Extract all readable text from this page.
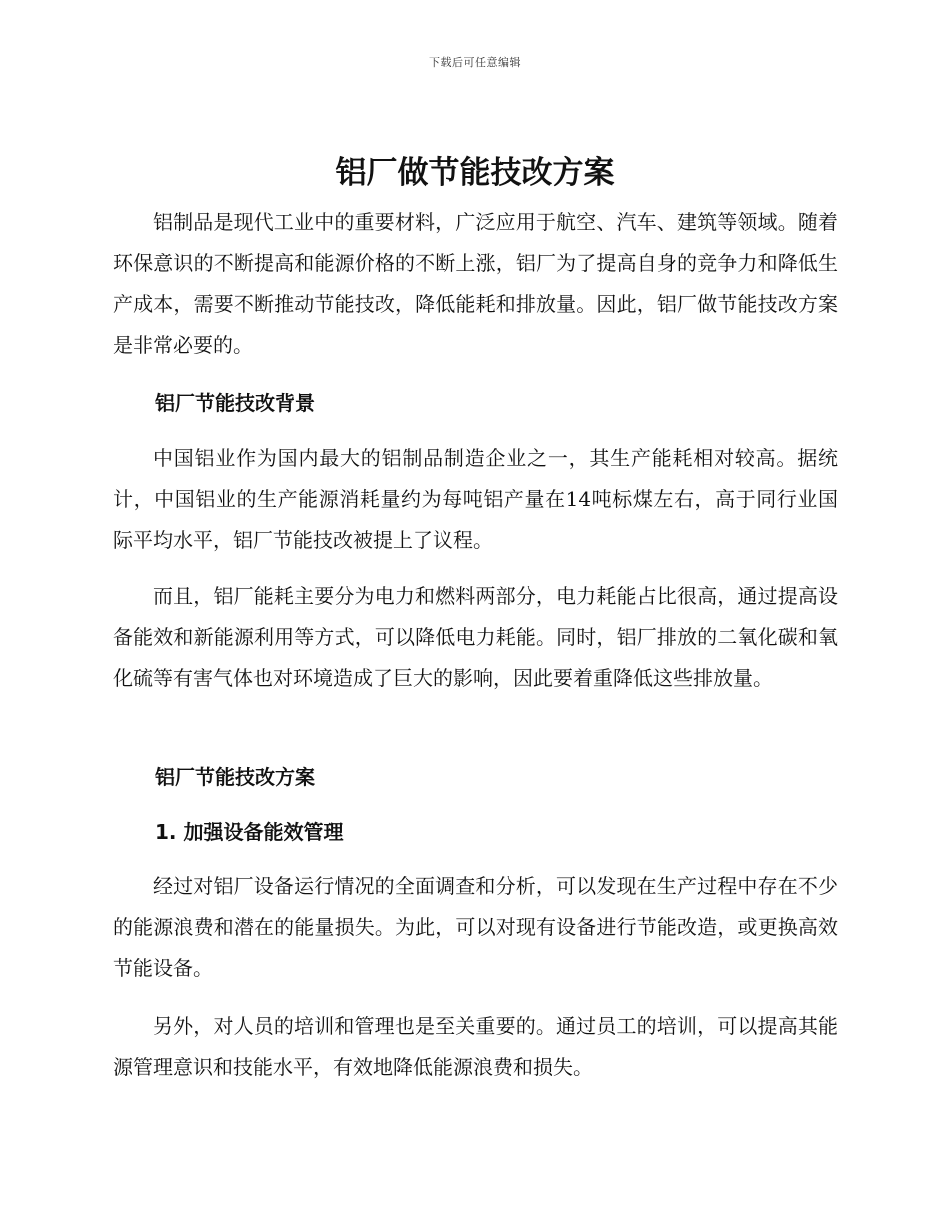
下载后可任意编辑
铝厂做节能技改方案

铝制品是现代工业中的重要材料，广泛应用于航空、汽车、建筑等领域。随着环保意识的不断提高和能源价格的不断上涨，铝厂为了提高自身的竞争力和降低生产成本，需要不断推动节能技改，降低能耗和排放量。因此，铝厂做节能技改方案是非常必要的。

铝厂节能技改背景

中国铝业作为国内最大的铝制品制造企业之一，其生产能耗相对较高。据统计，中国铝业的生产能源消耗量约为每吨铝产量在14吨标煤左右，高于同行业国际平均水平，铝厂节能技改被提上了议程。

而且，铝厂能耗主要分为电力和燃料两部分，电力耗能占比很高，通过提高设备能效和新能源利用等方式，可以降低电力耗能。同时，铝厂排放的二氧化碳和氧化硫等有害气体也对环境造成了巨大的影响，因此要着重降低这些排放量。

铝厂节能技改方案
1. 加强设备能效管理

经过对铝厂设备运行情况的全面调查和分析，可以发现在生产过程中存在不少的能源浪费和潜在的能量损失。为此，可以对现有设备进行节能改造，或更换高效节能设备。

另外，对人员的培训和管理也是至关重要的。通过员工的培训，可以提高其能源管理意识和技能水平，有效地降低能源浪费和损失。
